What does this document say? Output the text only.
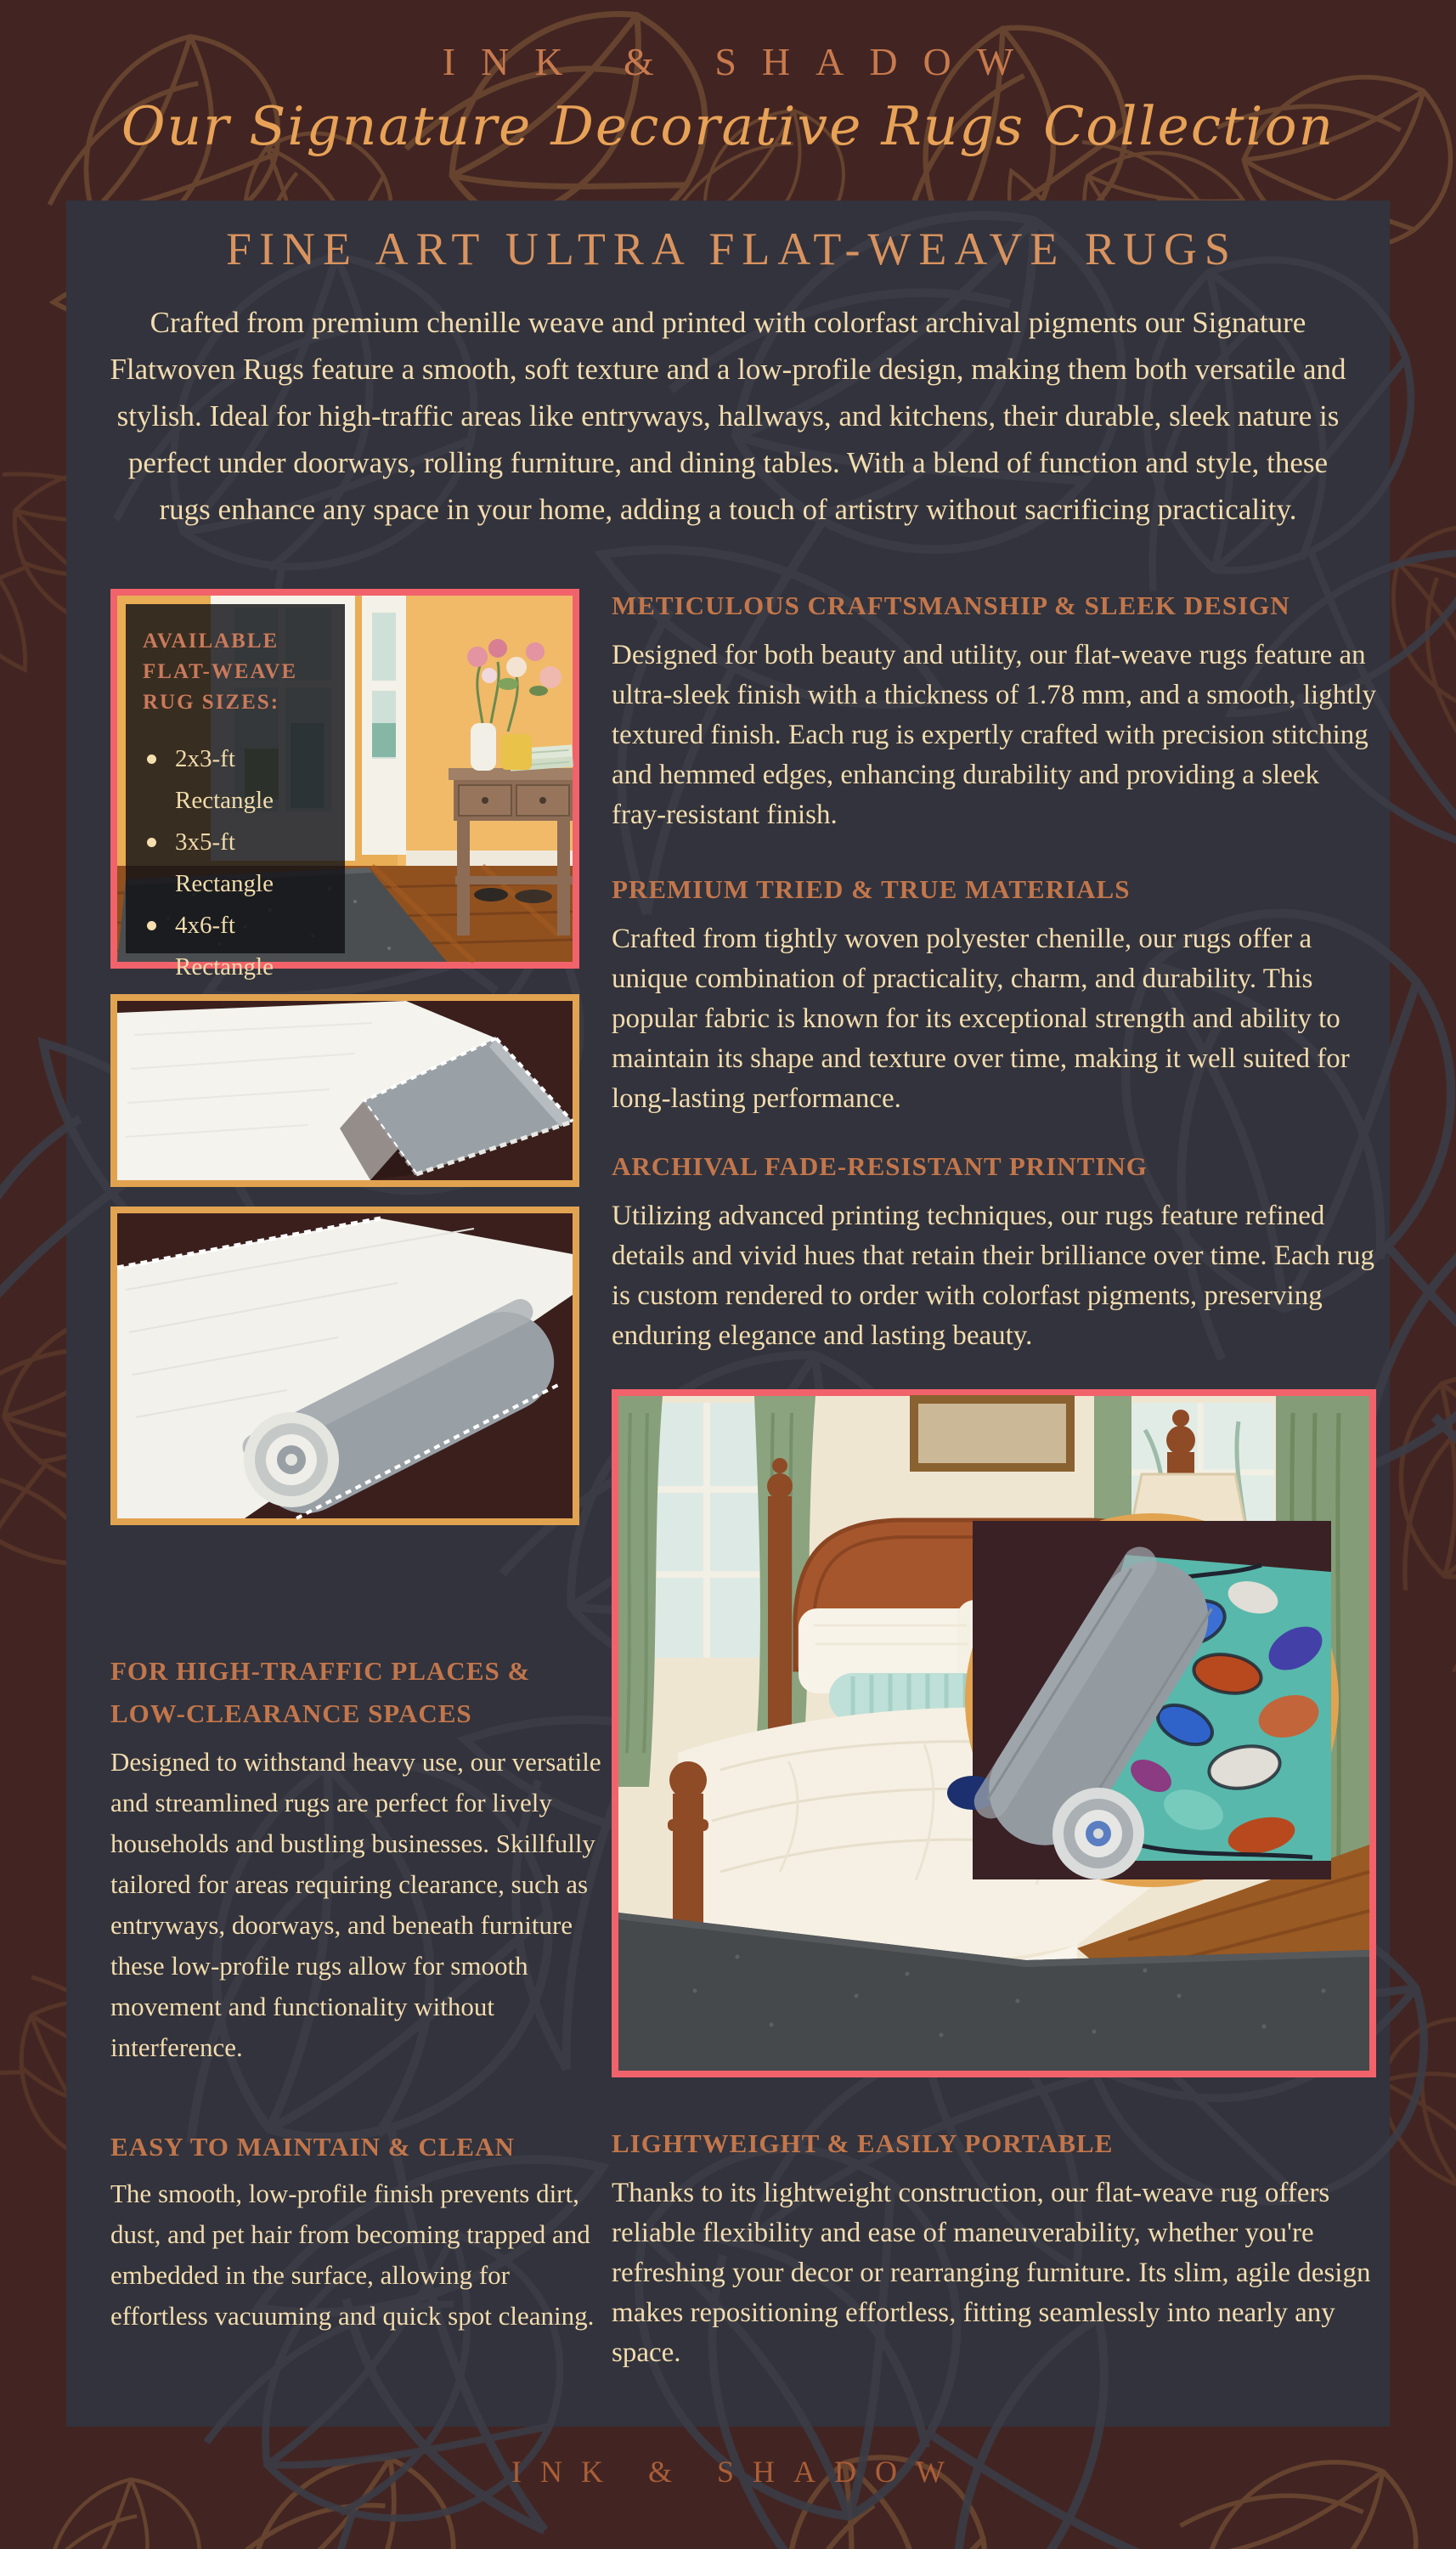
INK & SHADOW
Our Signature Decorative Rugs Collection
FINE ART ULTRA FLAT-WEAVE RUGS
Crafted from premium chenille weave and printed with colorfast archival pigments our Signature Flatwoven Rugs feature a smooth, soft texture and a low-profile design, making them both versatile and stylish. Ideal for high-traffic areas like entryways, hallways, and kitchens, their durable, sleek nature is perfect under doorways, rolling furniture, and dining tables. With a blend of function and style, these rugs enhance any space in your home, adding a touch of artistry without sacrificing practicality.
AVAILABLE FLAT-WEAVE RUG SIZES:
2x3-ft Rectangle
3x5-ft Rectangle
4x6-ft Rectangle
FOR HIGH-TRAFFIC PLACES & LOW-CLEARANCE SPACES
Designed to withstand heavy use, our versatile and streamlined rugs are perfect for lively households and bustling businesses. Skillfully tailored for areas requiring clearance, such as entryways, doorways, and beneath furniture these low-profile rugs allow for smooth movement and functionality without interference.
EASY TO MAINTAIN & CLEAN
The smooth, low-profile finish prevents dirt, dust, and pet hair from becoming trapped and embedded in the surface, allowing for effortless vacuuming and quick spot cleaning.
METICULOUS CRAFTSMANSHIP & SLEEK DESIGN
Designed for both beauty and utility, our flat-weave rugs feature an ultra-sleek finish with a thickness of 1.78 mm, and a smooth, lightly textured finish. Each rug is expertly crafted with precision stitching and hemmed edges, enhancing durability and providing a sleek fray-resistant finish.
PREMIUM TRIED & TRUE MATERIALS
Crafted from tightly woven polyester chenille, our rugs offer a unique combination of practicality, charm, and durability. This popular fabric is known for its exceptional strength and ability to maintain its shape and texture over time, making it well suited for long-lasting performance.
ARCHIVAL FADE-RESISTANT PRINTING
Utilizing advanced printing techniques, our rugs feature refined details and vivid hues that retain their brilliance over time. Each rug is custom rendered to order with colorfast pigments, preserving enduring elegance and lasting beauty.
LIGHTWEIGHT & EASILY PORTABLE
Thanks to its lightweight construction, our flat-weave rug offers reliable flexibility and ease of maneuverability, whether you're refreshing your decor or rearranging furniture. Its slim, agile design makes repositioning effortless, fitting seamlessly into nearly any space.
INK & SHADOW
